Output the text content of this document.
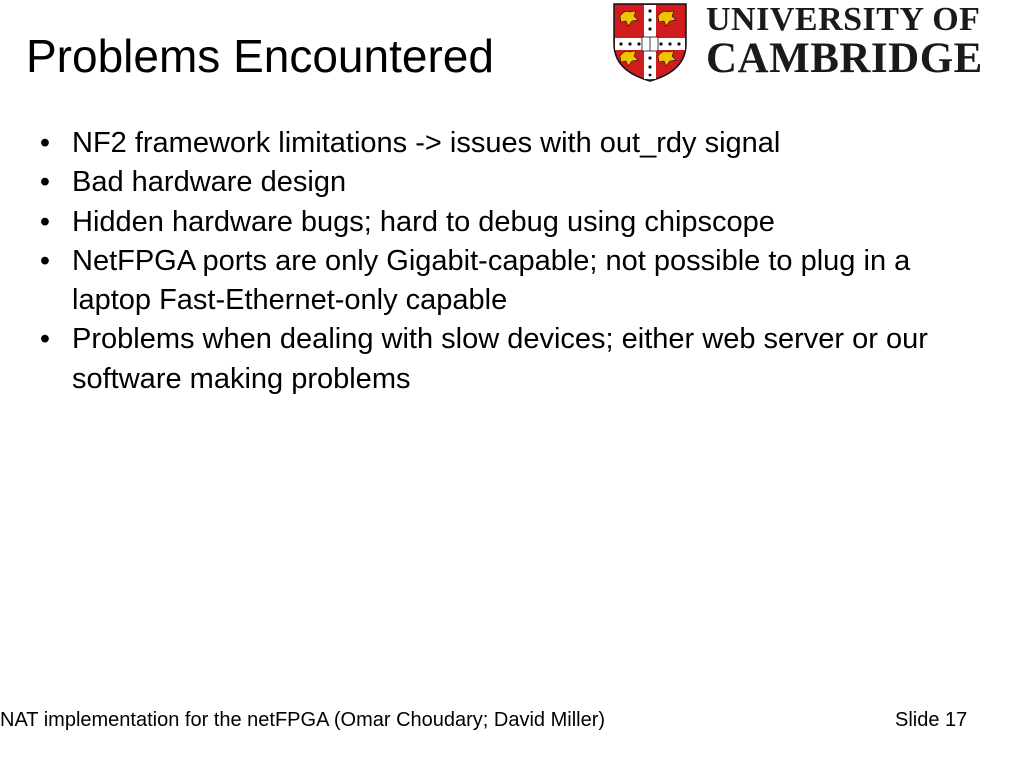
Problems Encountered
UNIVERSITY OF
CAMBRIDGE
• NF2 framework limitations -> issues with out_rdy signal
• Bad hardware design
• Hidden hardware bugs; hard to debug using chipscope
• NetFPGA ports are only Gigabit-capable; not possible to plug in a laptop Fast-Ethernet-only capable
• Problems when dealing with slow devices; either web server or our software making problems
NAT implementation for the netFPGA (Omar Choudary; David Miller)	Slide 17
